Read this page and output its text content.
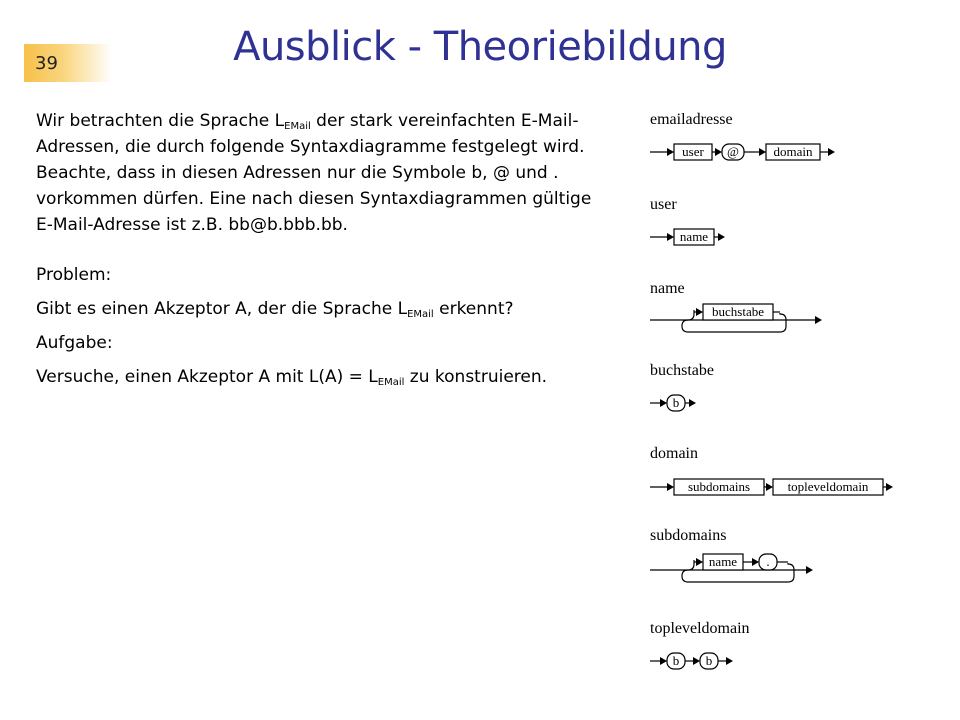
39	Ausblick - Theoriebildung

Wir betrachten die Sprache $L_{EMail}$ der stark vereinfachten E-Mail-Adressen, die durch folgende Syntaxdiagramme festgelegt wird. Beachte, dass in diesen Adressen nur die Symbole b, @ und . vorkommen dürfen. Eine nach diesen Syntaxdiagrammen gültige E-Mail-Adresse ist z.B. bb@b.bbb.bb.

Problem:

Gibt es einen Akzeptor A, der die Sprache $L_{EMail}$ erkennt?

Aufgabe:

Versuche, einen Akzeptor A mit $L(A) = L_{EMail}$ zu konstruieren.

emailadresse
user @	domain
user
name
name
buchstabe
buchstabe
b
domain
subdomains	topleveldomain
subdomains
name .
topleveldomain
b b
